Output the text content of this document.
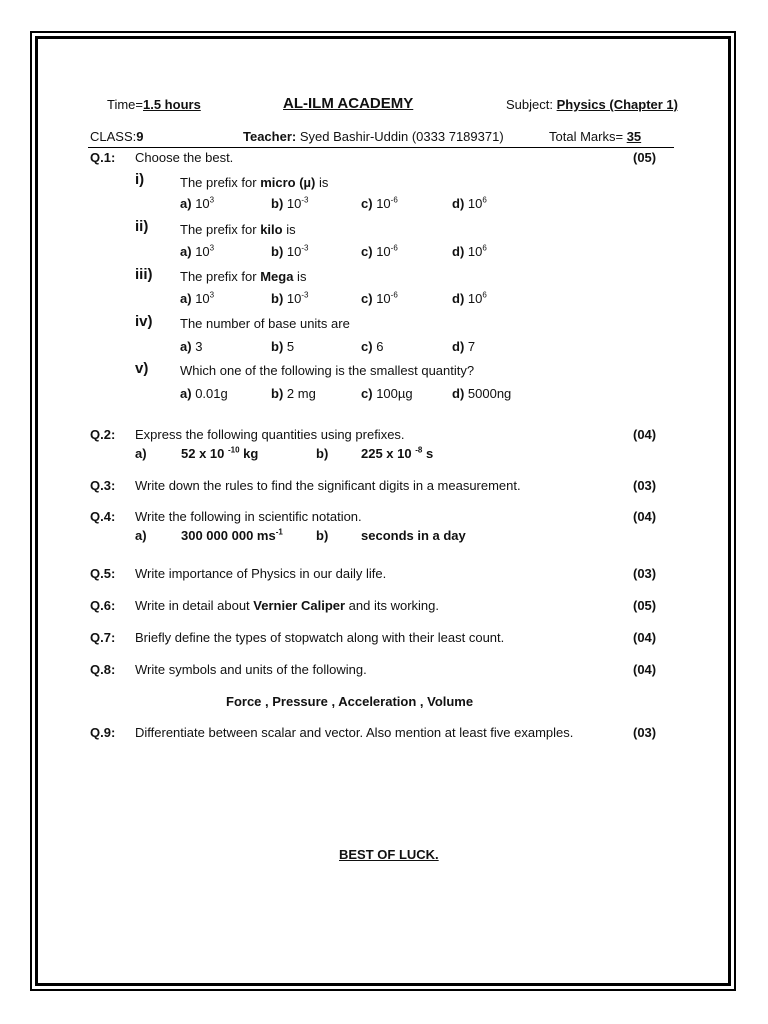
Time=1.5 hours	AL-ILM ACADEMY	Subject: Physics (Chapter 1)
CLASS:9	Teacher: Syed Bashir-Uddin (0333 7189371)	Total Marks= 35
Q.1: Choose the best.	(05)
i)	The prefix for micro (µ) is
a) $10^3$	b) $10^{-3}$	c) $10^{-6}$	d) $10^6$
ii) The prefix for kilo is
a) $10^3$	b) $10^{-3}$	c) $10^{-6}$	d) $10^6$
iii) The prefix for Mega is
a) $10^3$	b) $10^{-3}$	c) $10^{-6}$	d) $10^6$
iv) The number of base units are
a) 3	b) 5	c) 6	d) 7
v) Which one of the following is the smallest quantity?
a) 0.01g	b) 2 mg	c) 100µg	d) 5000ng
Q.2: Express the following quantities using prefixes.	(04)
a)	52 x 10 $^{-10}$ kg	b)	225 x 10 $^{-8}$ s
Q.3: Write down the rules to find the significant digits in a measurement.	(03)
Q.4: Write the following in scientific notation.	(04)
a)	300 000 000 $ms^{-1}$	b)	seconds in a day
Q.5: Write importance of Physics in our daily life.	(03)
Q.6: Write in detail about Vernier Caliper and its working.	(05)
Q.7: Briefly define the types of stopwatch along with their least count.	(04)
Q.8: Write symbols and units of the following.	(04)
Force , Pressure , Acceleration , Volume
Q.9: Differentiate between scalar and vector. Also mention at least five examples.	(03)
BEST OF LUCK.
